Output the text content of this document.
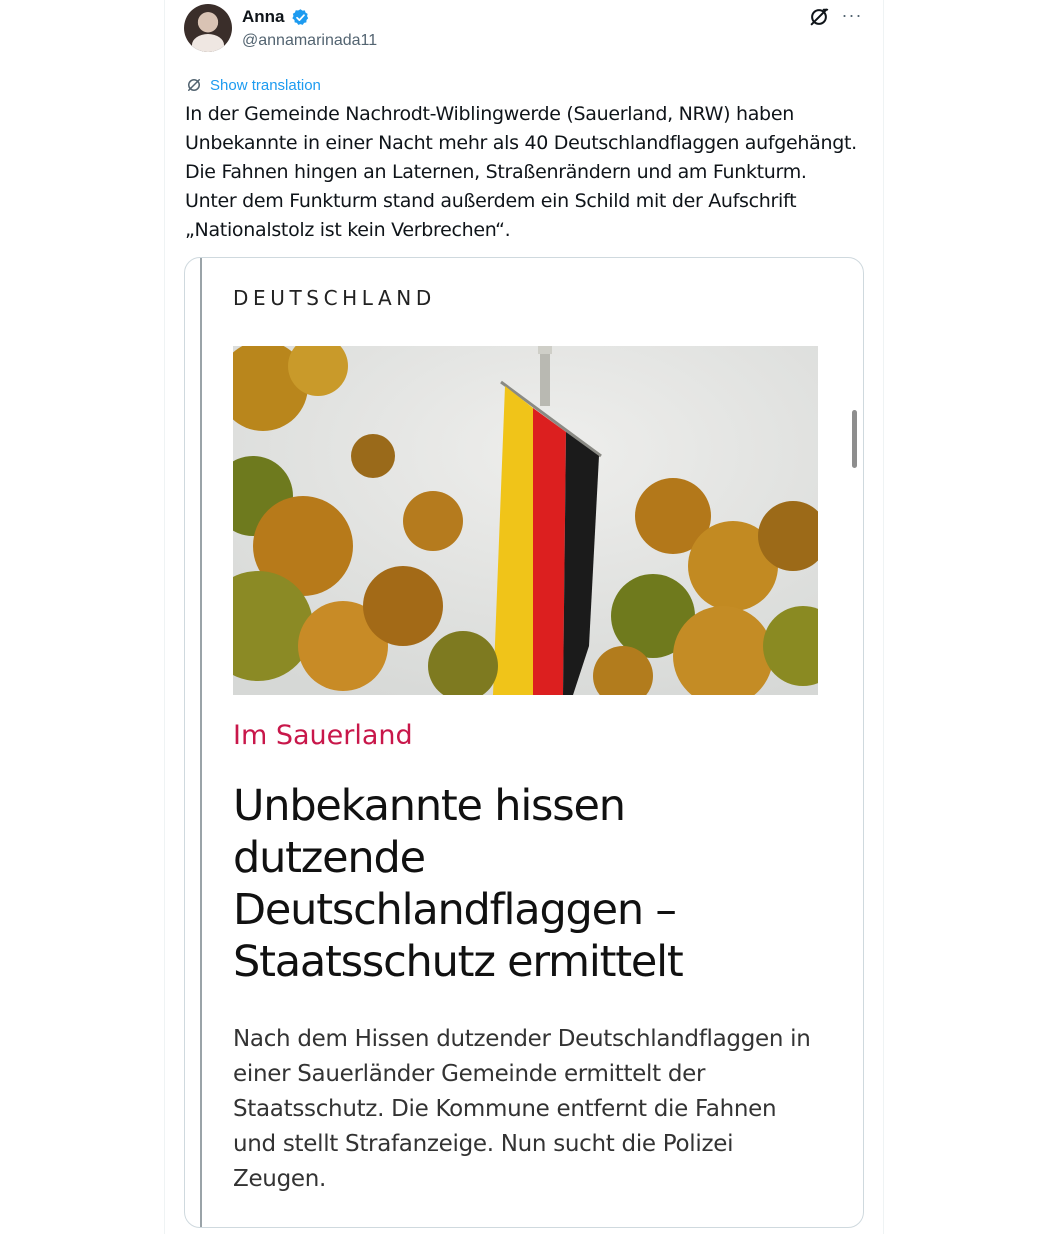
Anna
@annamarinada11
···
Show translation
In der Gemeinde Nachrodt-Wiblingwerde (Sauerland, NRW) haben
Unbekannte in einer Nacht mehr als 40 Deutschlandflaggen aufgehängt.
Die Fahnen hingen an Laternen, Straßenrändern und am Funkturm.
Unter dem Funkturm stand außerdem ein Schild mit der Aufschrift
„Nationalstolz ist kein Verbrechen“.
DEUTSCHLAND
Im Sauerland
Unbekannte hissen dutzende Deutschlandflaggen – Staatsschutz ermittelt
Nach dem Hissen dutzender Deutschlandflaggen in einer Sauerländer Gemeinde ermittelt der Staatsschutz. Die Kommune entfernt die Fahnen und stellt Strafanzeige. Nun sucht die Polizei Zeugen.
